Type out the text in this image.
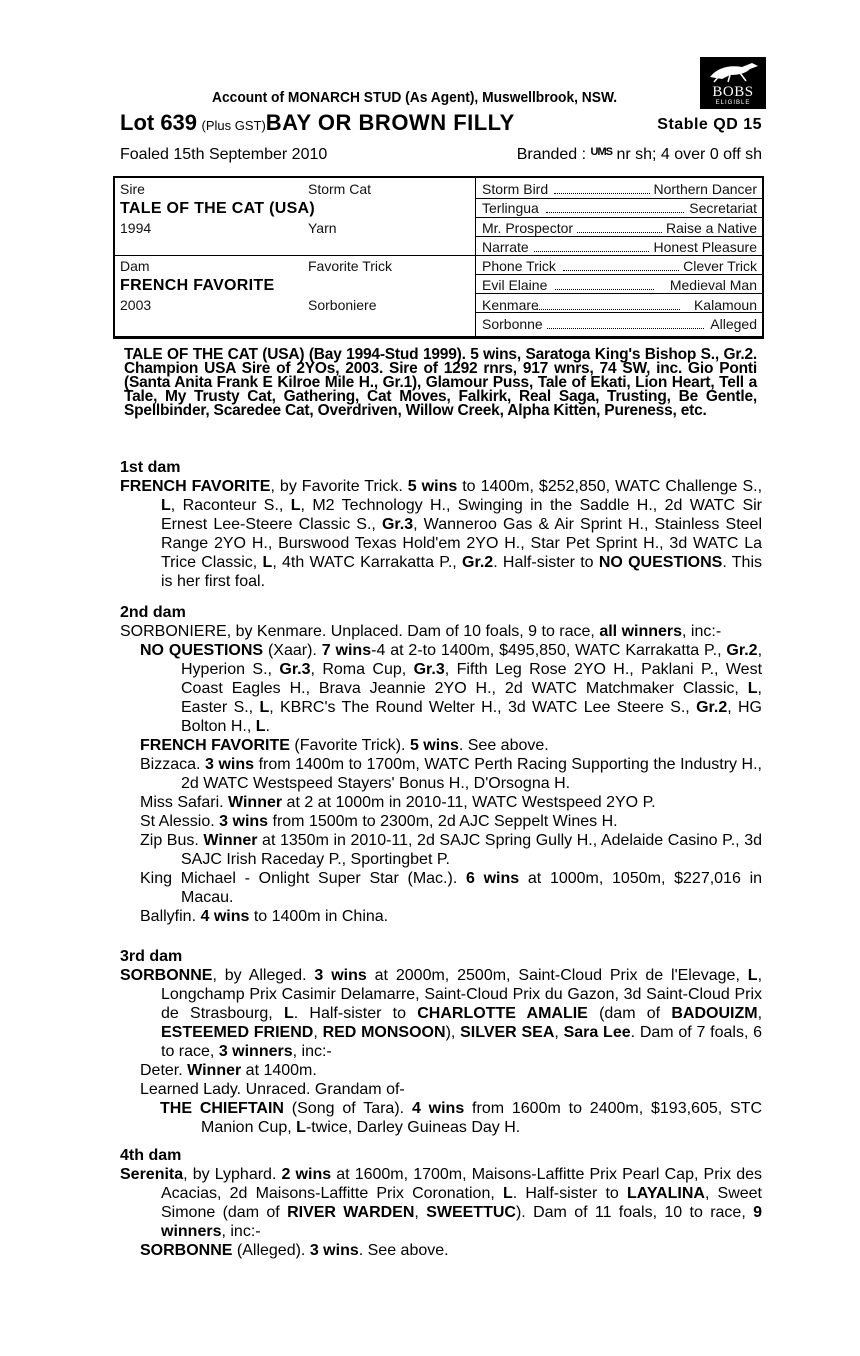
BOBS
ELIGIBLE
Account of MONARCH STUD (As Agent), Muswellbrook, NSW.
Lot 639 (Plus GST)BAY OR BROWN FILLY	Stable QD 15
Foaled 15th September 2010	Branded : $^{UMS}$ nr sh; 4 over 0 off sh
Sire	Storm Cat
TALE OF THE CAT (USA)
1994	Yarn
Dam	Favorite Trick
FRENCH FAVORITE
2003	Sorboniere
Storm Bird	Northern Dancer
Terlingua	Secretariat
Mr. Prospector	Raise a Native
Narrate	Honest Pleasure
Phone Trick	Clever Trick
Evil Elaine	Medieval Man
Kenmare	Kalamoun
Sorbonne	Alleged
TALE OF THE CAT (USA) (Bay 1994-Stud 1999). 5 wins, Saratoga King's Bishop S., Gr.2. Champion USA Sire of 2YOs, 2003. Sire of 1292 rnrs, 917 wnrs, 74 SW, inc. Gio Ponti (Santa Anita Frank E Kilroe Mile H., Gr.1), Glamour Puss, Tale of Ekati, Lion Heart, Tell a Tale, My Trusty Cat, Gathering, Cat Moves, Falkirk, Real Saga, Trusting, Be Gentle, Spellbinder, Scaredee Cat, Overdriven, Willow Creek, Alpha Kitten, Pureness, etc.
1st dam
FRENCH FAVORITE, by Favorite Trick. 5 wins to 1400m, $252,850, WATC Challenge S., L, Raconteur S., L, M2 Technology H., Swinging in the Saddle H., 2d WATC Sir Ernest Lee-Steere Classic S., Gr.3, Wanneroo Gas & Air Sprint H., Stainless Steel Range 2YO H., Burswood Texas Hold'em 2YO H., Star Pet Sprint H., 3d WATC La Trice Classic, L, 4th WATC Karrakatta P., Gr.2. Half-sister to NO QUESTIONS. This is her first foal.
2nd dam
SORBONIERE, by Kenmare. Unplaced. Dam of 10 foals, 9 to race, all winners, inc:-
NO QUESTIONS (Xaar). 7 wins-4 at 2-to 1400m, $495,850, WATC Karrakatta P., Gr.2, Hyperion S., Gr.3, Roma Cup, Gr.3, Fifth Leg Rose 2YO H., Paklani P., West Coast Eagles H., Brava Jeannie 2YO H., 2d WATC Matchmaker Classic, L, Easter S., L, KBRC's The Round Welter H., 3d WATC Lee Steere S., Gr.2, HG Bolton H., L.
FRENCH FAVORITE (Favorite Trick). 5 wins. See above.
Bizzaca. 3 wins from 1400m to 1700m, WATC Perth Racing Supporting the Industry H., 2d WATC Westspeed Stayers' Bonus H., D'Orsogna H.
Miss Safari. Winner at 2 at 1000m in 2010-11, WATC Westspeed 2YO P.
St Alessio. 3 wins from 1500m to 2300m, 2d AJC Seppelt Wines H.
Zip Bus. Winner at 1350m in 2010-11, 2d SAJC Spring Gully H., Adelaide Casino P., 3d SAJC Irish Raceday P., Sportingbet P.
King Michael - Onlight Super Star (Mac.). 6 wins at 1000m, 1050m, $227,016 in Macau.
Ballyfin. 4 wins to 1400m in China.
3rd dam
SORBONNE, by Alleged. 3 wins at 2000m, 2500m, Saint-Cloud Prix de l'Elevage, L, Longchamp Prix Casimir Delamarre, Saint-Cloud Prix du Gazon, 3d Saint-Cloud Prix de Strasbourg, L. Half-sister to CHARLOTTE AMALIE (dam of BADOUIZM, ESTEEMED FRIEND, RED MONSOON), SILVER SEA, Sara Lee. Dam of 7 foals, 6 to race, 3 winners, inc:-
Deter. Winner at 1400m.
Learned Lady. Unraced. Grandam of-
THE CHIEFTAIN (Song of Tara). 4 wins from 1600m to 2400m, $193,605, STC Manion Cup, L-twice, Darley Guineas Day H.
4th dam
Serenita, by Lyphard. 2 wins at 1600m, 1700m, Maisons-Laffitte Prix Pearl Cap, Prix des Acacias, 2d Maisons-Laffitte Prix Coronation, L. Half-sister to LAYALINA, Sweet Simone (dam of RIVER WARDEN, SWEETTUC). Dam of 11 foals, 10 to race, 9 winners, inc:-
SORBONNE (Alleged). 3 wins. See above.
